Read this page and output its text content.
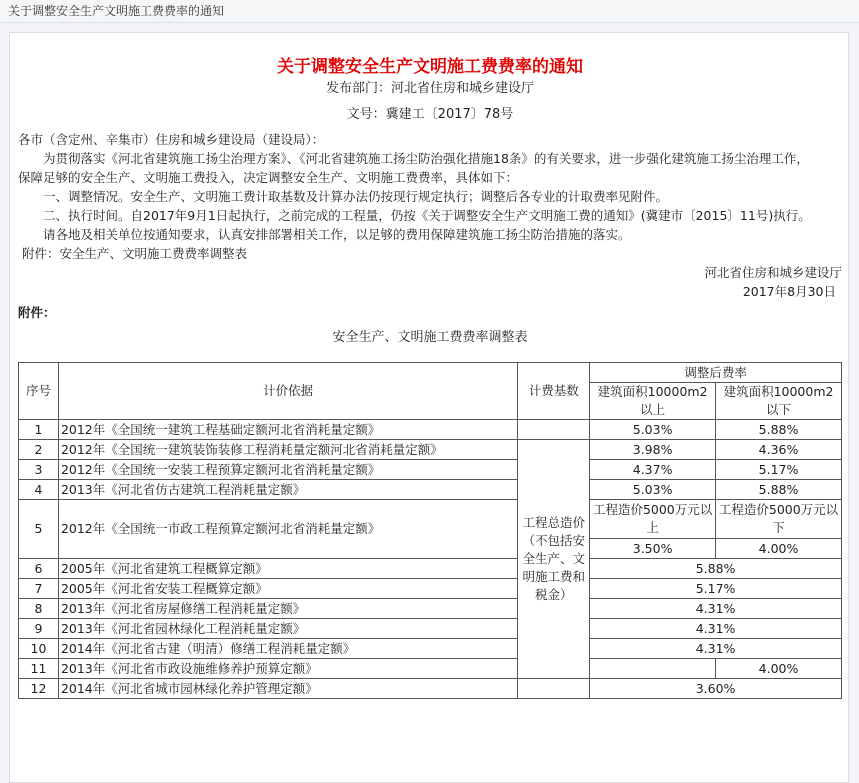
关于调整安全生产文明施工费费率的通知
关于调整安全生产文明施工费费率的通知
发布部门：河北省住房和城乡建设厅
文号：冀建工〔2017〕78号

各市（含定州、辛集市）住房和城乡建设局（建设局）：

为贯彻落实《河北省建筑施工扬尘治理方案》、《河北省建筑施工扬尘防治强化措施18条》的有关要求，进一步强化建筑施工扬尘治理工作，

保障足够的安全生产、文明施工费投入，决定调整安全生产、文明施工费费率，具体如下：

一、调整情况。安全生产、文明施工费计取基数及计算办法仍按现行规定执行；调整后各专业的计取费率见附件。

二、执行时间。自2017年9月1日起执行，之前完成的工程量，仍按《关于调整安全生产文明施工费的通知》(冀建市〔2015〕11号)执行。

请各地及相关单位按通知要求，认真安排部署相关工作，以足够的费用保障建筑施工扬尘防治措施的落实。

附件：安全生产、文明施工费费率调整表

河北省住房和城乡建设厅

2017年8月30日

附件：

安全生产、文明施工费费率调整表
序号	计价依据	计费基数	调整后费率	
			建筑面积10000m2以上	建筑面积10000m2以下
1	2012年《全国统一建筑工程基础定额河北省消耗量定额》		5.03%	5.88%
2	2012年《全国统一建筑装饰装修工程消耗量定额河北省消耗量定额》	工程总造价（不包括安全生产、文明施工费和税金）	3.98%	4.36%
3	2012年《全国统一安装工程预算定额河北省消耗量定额》		4.37%	5.17%
4	2013年《河北省仿古建筑工程消耗量定额》		5.03%	5.88%
5	2012年《全国统一市政工程预算定额河北省消耗量定额》		工程造价5000万元以上	工程造价5000万元以下
			3.50%	4.00%
6	2005年《河北省建筑工程概算定额》		5.88%	
7	2005年《河北省安装工程概算定额》		5.17%	
8	2013年《河北省房屋修缮工程消耗量定额》		4.31%	
9	2013年《河北省园林绿化工程消耗量定额》		4.31%	
10	2014年《河北省古建（明清）修缮工程消耗量定额》		4.31%	
11	2013年《河北省市政设施维修养护预算定额》			4.00%
12	2014年《河北省城市园林绿化养护管理定额》		3.60%	
